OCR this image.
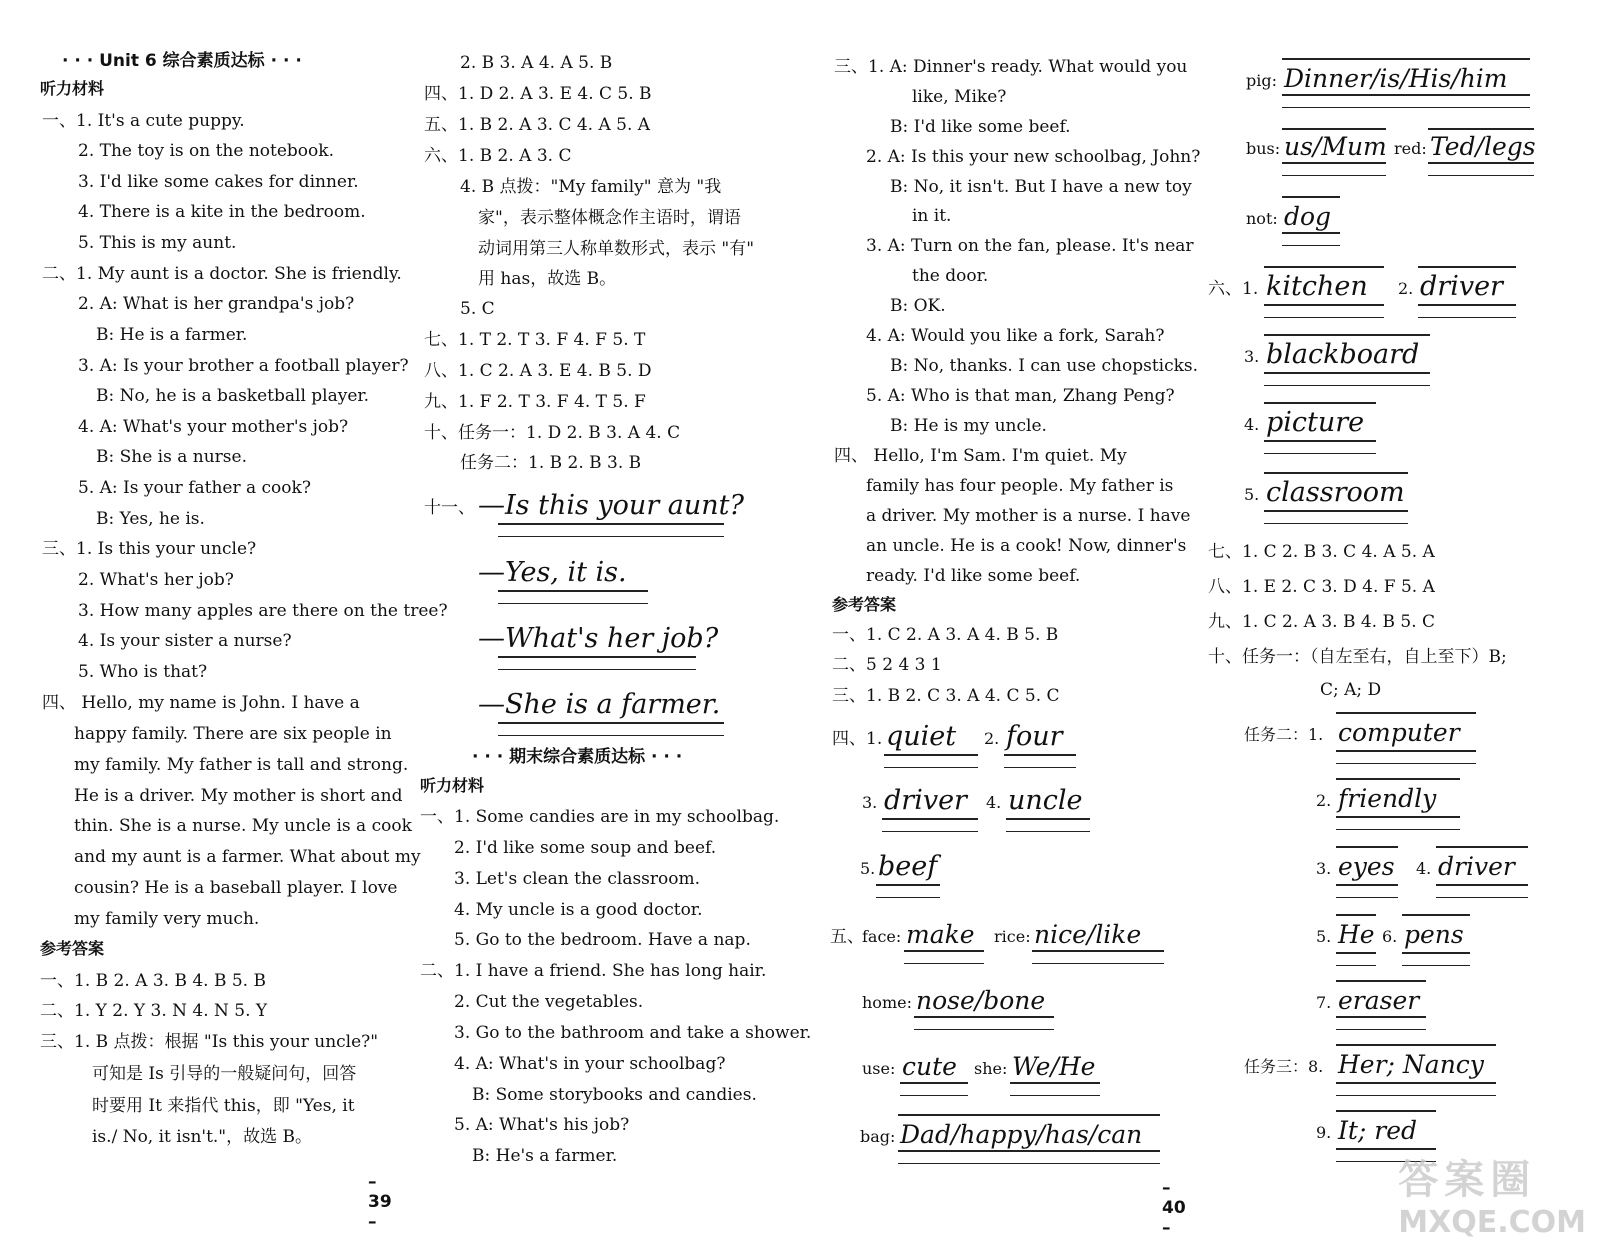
· · · Unit 6 综合素质达标 · · ·
听力材料
一、1. It's a cute puppy.
2. The toy is on the notebook.
3. I'd like some cakes for dinner.
4. There is a kite in the bedroom.
5. This is my aunt.
二、1. My aunt is a doctor. She is friendly.
2. A: What is her grandpa's job?
B: He is a farmer.
3. A: Is your brother a football player?
B: No, he is a basketball player.
4. A: What's your mother's job?
B: She is a nurse.
5. A: Is your father a cook?
B: Yes, he is.
三、1. Is this your uncle?
2. What's her job?
3. How many apples are there on the tree?
4. Is your sister a nurse?
5. Who is that?
四、 Hello, my name is John. I have a
happy family. There are six people in
my family. My father is tall and strong.
He is a driver. My mother is short and
thin. She is a nurse. My uncle is a cook
and my aunt is a farmer. What about my
cousin? He is a baseball player. I love
my family very much.
参考答案
一、1. B 2. A 3. B 4. B 5. B
二、1. Y 2. Y 3. N 4. N 5. Y
三、1. B 点拨：根据 "Is this your uncle?"
可知是 Is 引导的一般疑问句，回答
时要用 It 来指代 this，即 "Yes, it
is./ No, it isn't."，故选 B。
2. B 3. A 4. A 5. B
四、1. D 2. A 3. E 4. C 5. B
五、1. B 2. A 3. C 4. A 5. A
六、1. B 2. A 3. C
4. B 点拨："My family" 意为 "我
家"，表示整体概念作主语时，谓语
动词用第三人称单数形式，表示 "有"
用 has，故选 B。
5. C
七、1. T 2. T 3. F 4. F 5. T
八、1. C 2. A 3. E 4. B 5. D
九、1. F 2. T 3. F 4. T 5. F
十、任务一：1. D 2. B 3. A 4. C
任务二：1. B 2. B 3. B
十一、 —Is this your aunt?
—Yes, it is.
—What's her job?
—She is a farmer.
· · · 期末综合素质达标 · · ·
听力材料
一、1. Some candies are in my schoolbag.
2. I'd like some soup and beef.
3. Let's clean the classroom.
4. My uncle is a good doctor.
5. Go to the bedroom. Have a nap.
二、1. I have a friend. She has long hair.
2. Cut the vegetables.
3. Go to the bathroom and take a shower.
4. A: What's in your schoolbag?
B: Some storybooks and candies.
5. A: What's his job?
B: He's a farmer.
– 39 –
三、1. A: Dinner's ready. What would you
like, Mike?
B: I'd like some beef.
2. A: Is this your new schoolbag, John?
B: No, it isn't. But I have a new toy
in it.
3. A: Turn on the fan, please. It's near
the door.
B: OK.
4. A: Would you like a fork, Sarah?
B: No, thanks. I can use chopsticks.
5. A: Who is that man, Zhang Peng?
B: He is my uncle.
四、 Hello, I'm Sam. I'm quiet. My
family has four people. My father is
a driver. My mother is a nurse. I have
an uncle. He is a cook! Now, dinner's
ready. I'd like some beef.
参考答案
一、1. C 2. A 3. A 4. B 5. B
二、5 2 4 3 1
三、1. B 2. C 3. A 4. C 5. C
四、1. quiet 2. four
3. driver 4. uncle
5. beef
五、
face: make rice: nice/like
home: nose/bone
use: cute she: We/He
bag: Dad/happy/has/can
– 40 –
pig: Dinner/is/His/him
bus: us/Mum red: Ted/legs
not: dog
六、1. kitchen 2. driver
3. blackboard
4. picture
5. classroom
七、1. C 2. B 3. C 4. A 5. A
八、1. E 2. C 3. D 4. F 5. A
九、1. C 2. A 3. B 4. B 5. C
十、任务一：（自左至右，自上至下）B;
C; A; D
任务二：1. computer
2. friendly
3. eyes 4. driver
5. He 6. pens
7. eraser
任务三：8. Her; Nancy
9. It; red
答案圈
MXQE.COM
